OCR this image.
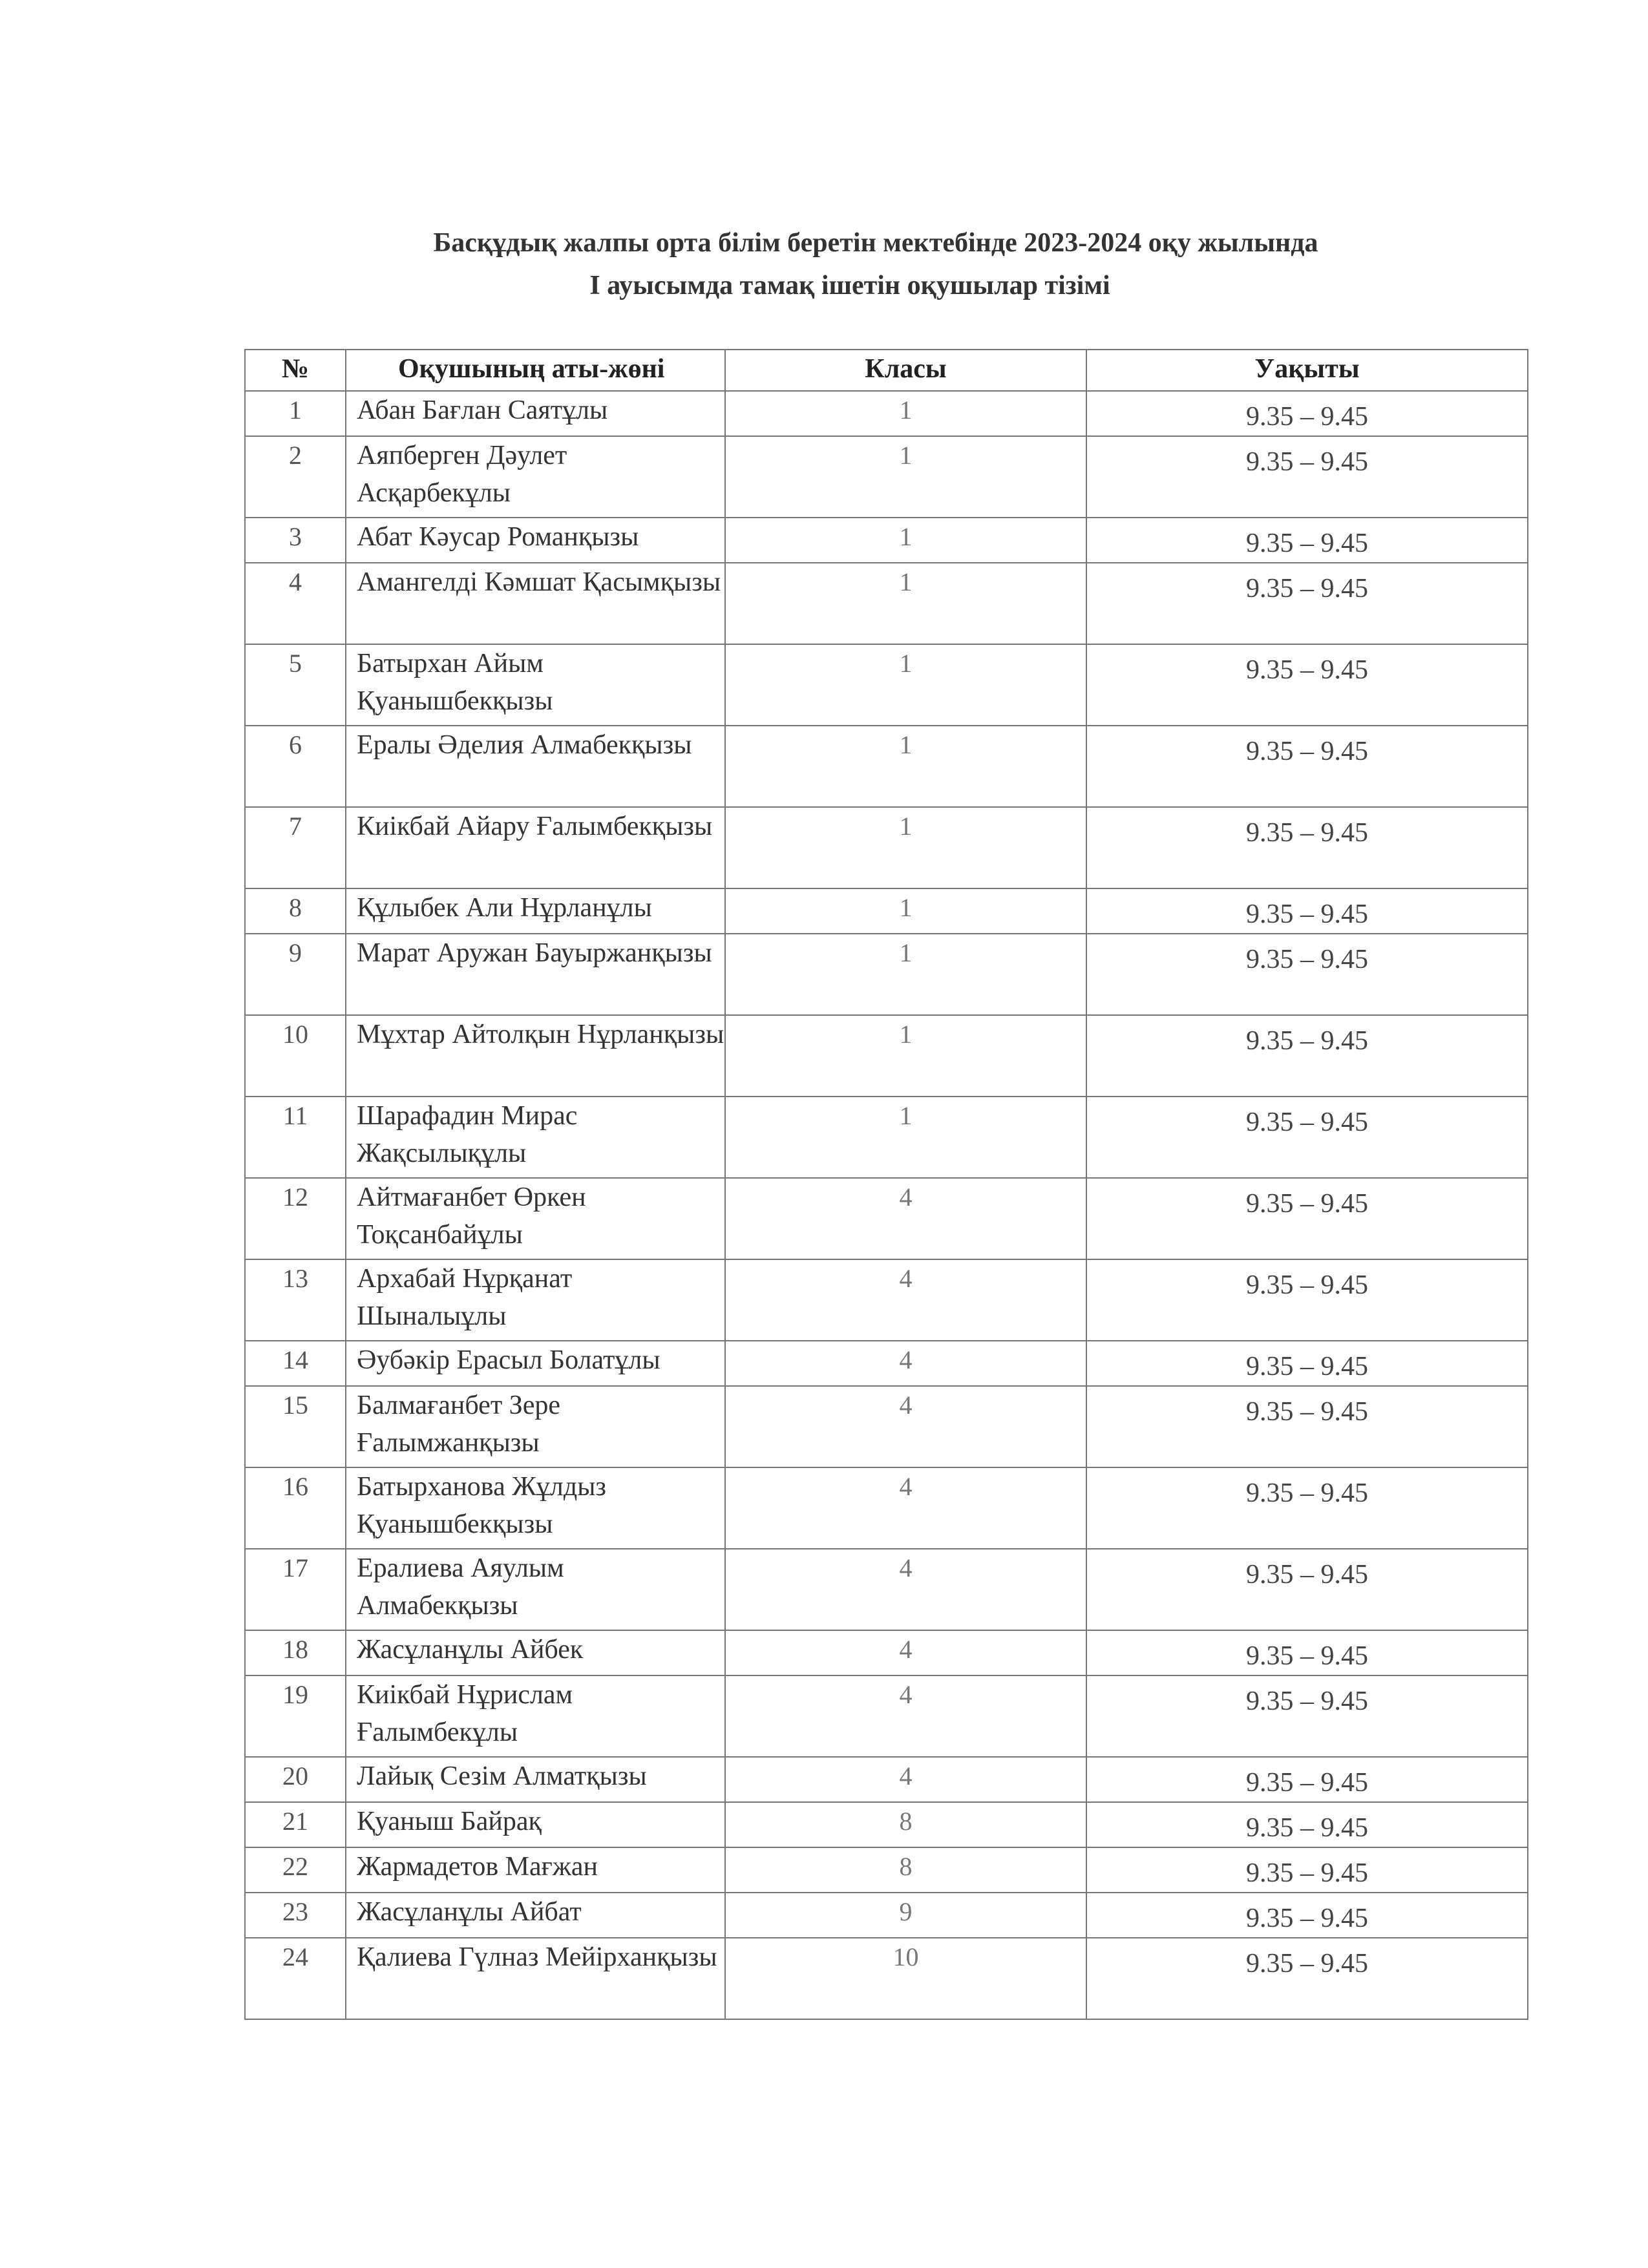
Басқұдық жалпы орта білім беретін мектебінде 2023-2024 оқу жылында
I ауысымда тамақ ішетін оқушылар тізімі
№	Оқушының аты-жөні	Класы	Уақыты
1	Абан Бағлан Саятұлы	1	9.35 – 9.45
2	Аяпберген Дәулет Асқарбекұлы	1	9.35 – 9.45
3	Абат Кәусар Романқызы	1	9.35 – 9.45
4	Амангелді Кәмшат Қасымқызы	1	9.35 – 9.45
5	Батырхан Айым Қуанышбекқызы	1	9.35 – 9.45
6	Ералы Әделия Алмабекқызы	1	9.35 – 9.45
7	Киікбай Айару Ғалымбекқызы	1	9.35 – 9.45
8	Құлыбек Али Нұрланұлы	1	9.35 – 9.45
9	Марат Аружан Бауыржанқызы	1	9.35 – 9.45
10	Мұхтар Айтолқын Нұрланқызы	1	9.35 – 9.45
11	Шарафадин Мирас Жақсылықұлы	1	9.35 – 9.45
12	Айтмағанбет Өркен Тоқсанбайұлы	4	9.35 – 9.45
13	Архабай Нұрқанат Шыналыұлы	4	9.35 – 9.45
14	Әубәкір Ерасыл Болатұлы	4	9.35 – 9.45
15	Балмағанбет Зере Ғалымжанқызы	4	9.35 – 9.45
16	Батырханова Жұлдыз Қуанышбекқызы	4	9.35 – 9.45
17	Ералиева Аяулым Алмабекқызы	4	9.35 – 9.45
18	Жасұланұлы Айбек	4	9.35 – 9.45
19	Киікбай Нұрислам Ғалымбекұлы	4	9.35 – 9.45
20	Лайық Сезім Алматқызы	4	9.35 – 9.45
21	Қуаныш Байрақ	8	9.35 – 9.45
22	Жармадетов Мағжан	8	9.35 – 9.45
23	Жасұланұлы Айбат	9	9.35 – 9.45
24	Қалиева Гүлназ Мейірханқызы	10	9.35 – 9.45
